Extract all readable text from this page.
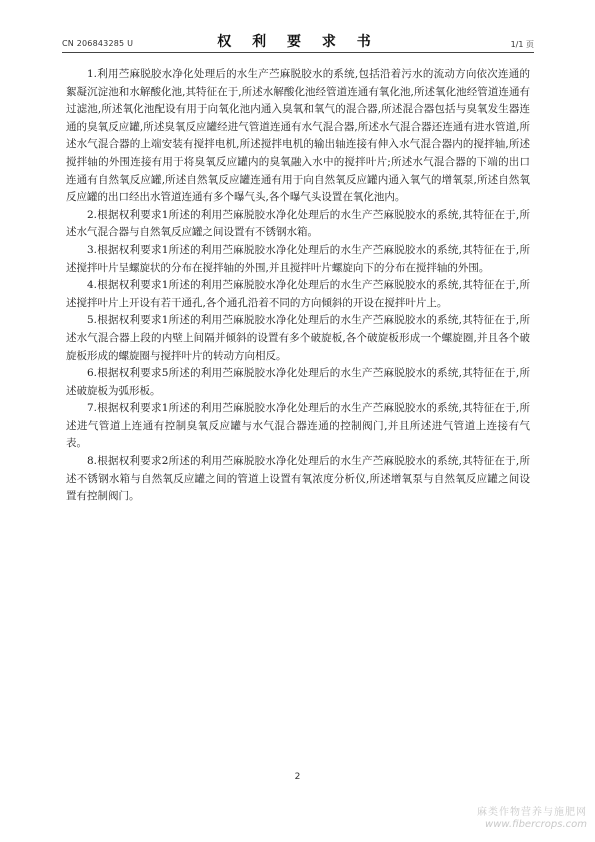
CN 206843285 U	权 利 要 求 书	1/1 页

1.利用苎麻脱胶水净化处理后的水生产苎麻脱胶水的系统,包括沿着污水的流动方向依次连通的絮凝沉淀池和水解酸化池,其特征在于,所述水解酸化池经管道连通有氧化池,所述氧化池经管道连通有过滤池,所述氧化池配设有用于向氧化池内通入臭氧和氧气的混合器,所述混合器包括与臭氧发生器连通的臭氧反应罐,所述臭氧反应罐经进气管道连通有水气混合器,所述水气混合器还连通有进水管道,所述水气混合器的上端安装有搅拌电机,所述搅拌电机的输出轴连接有伸入水气混合器内的搅拌轴,所述搅拌轴的外围连接有用于将臭氧反应罐内的臭氧融入水中的搅拌叶片;所述水气混合器的下端的出口连通有自然氧反应罐,所述自然氧反应罐连通有用于向自然氧反应罐内通入氧气的增氧泵,所述自然氧反应罐的出口经出水管道连通有多个曝气头,各个曝气头设置在氧化池内。

2.根据权利要求1所述的利用苎麻脱胶水净化处理后的水生产苎麻脱胶水的系统,其特征在于,所述水气混合器与自然氧反应罐之间设置有不锈钢水箱。

3.根据权利要求1所述的利用苎麻脱胶水净化处理后的水生产苎麻脱胶水的系统,其特征在于,所述搅拌叶片呈螺旋状的分布在搅拌轴的外围,并且搅拌叶片螺旋向下的分布在搅拌轴的外围。

4.根据权利要求1所述的利用苎麻脱胶水净化处理后的水生产苎麻脱胶水的系统,其特征在于,所述搅拌叶片上开设有若干通孔,各个通孔沿着不同的方向倾斜的开设在搅拌叶片上。

5.根据权利要求1所述的利用苎麻脱胶水净化处理后的水生产苎麻脱胶水的系统,其特征在于,所述水气混合器上段的内壁上间隔并倾斜的设置有多个破旋板,各个破旋板形成一个螺旋圈,并且各个破旋板形成的螺旋圈与搅拌叶片的转动方向相反。

6.根据权利要求5所述的利用苎麻脱胶水净化处理后的水生产苎麻脱胶水的系统,其特征在于,所述破旋板为弧形板。

7.根据权利要求1所述的利用苎麻脱胶水净化处理后的水生产苎麻脱胶水的系统,其特征在于,所述进气管道上连通有控制臭氧反应罐与水气混合器连通的控制阀门,并且所述进气管道上连接有气表。

8.根据权利要求2所述的利用苎麻脱胶水净化处理后的水生产苎麻脱胶水的系统,其特征在于,所述不锈钢水箱与自然氧反应罐之间的管道上设置有氧浓度分析仪,所述增氧泵与自然氧反应罐之间设置有控制阀门。

2
麻类作物营养与施肥网
www.fibercrops.com
